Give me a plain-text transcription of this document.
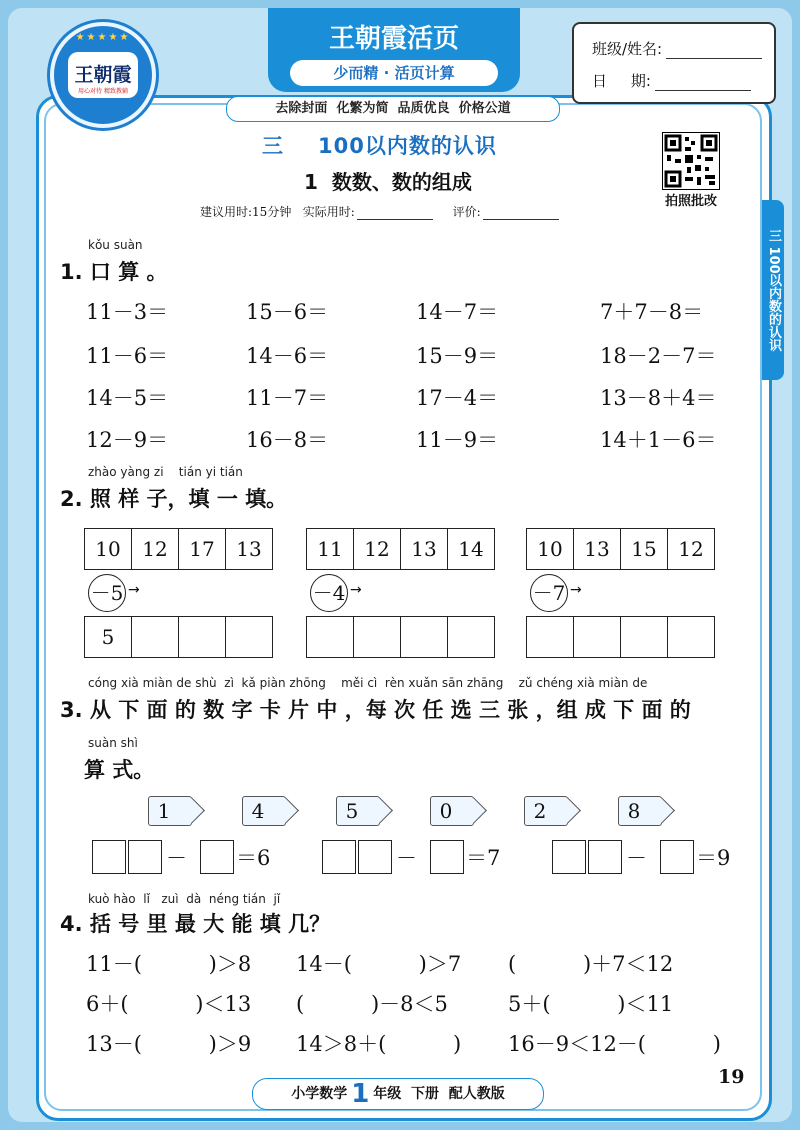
★★★★★
王朝霞
用心对待 精致教辅
王朝霞活页
少而精 · 活页计算
班级/姓名:
日     期:
去除封面  化繁为简  品质优良  价格公道
拍照批改
三 100以内数的认识
三 100以内数的认识
1  数数、数的组成
建议用时:15分钟 实际用时:	评价:
kǒu suàn
1. 口 算 。
11－3＝	15－6＝	14－7＝	7＋7－8＝
11－6＝	14－6＝	15－9＝	18－2－7＝
14－5＝	11－7＝	17－4＝	13－8＋4＝
12－9＝	16－8＝	11－9＝	14＋1－6＝
zhào yàng zi    tián yi tián
2. 照 样 子，填 一 填。
10	12	17	13
－5 →
5			
11	12	13	14
－4 →

10	13	15	12
－7 →

cóng xià miàn de shù  zì  kǎ piàn zhōng    měi cì  rèn xuǎn sān zhāng    zǔ chéng xià miàn de
3. 从 下 面 的 数 字 卡 片 中 ，每 次 任 选 三 张 ，组 成 下 面 的
suàn shì
算 式。
1	4	5	0	2	8
－ ＝6	－ ＝7	－ ＝9
kuò hào  lǐ   zuì  dà  néng tián  jǐ
4. 括 号 里 最 大 能 填 几？
11－(          )＞8 14－(          )＞7 (          )＋7＜12
6＋(          )＜13 (          )－8＜5	5＋(          )＜11
13－(          )＞9 14＞8＋(          ) 16－9＜12－(          )
小学数学 1 年级  下册  配人教版
19
